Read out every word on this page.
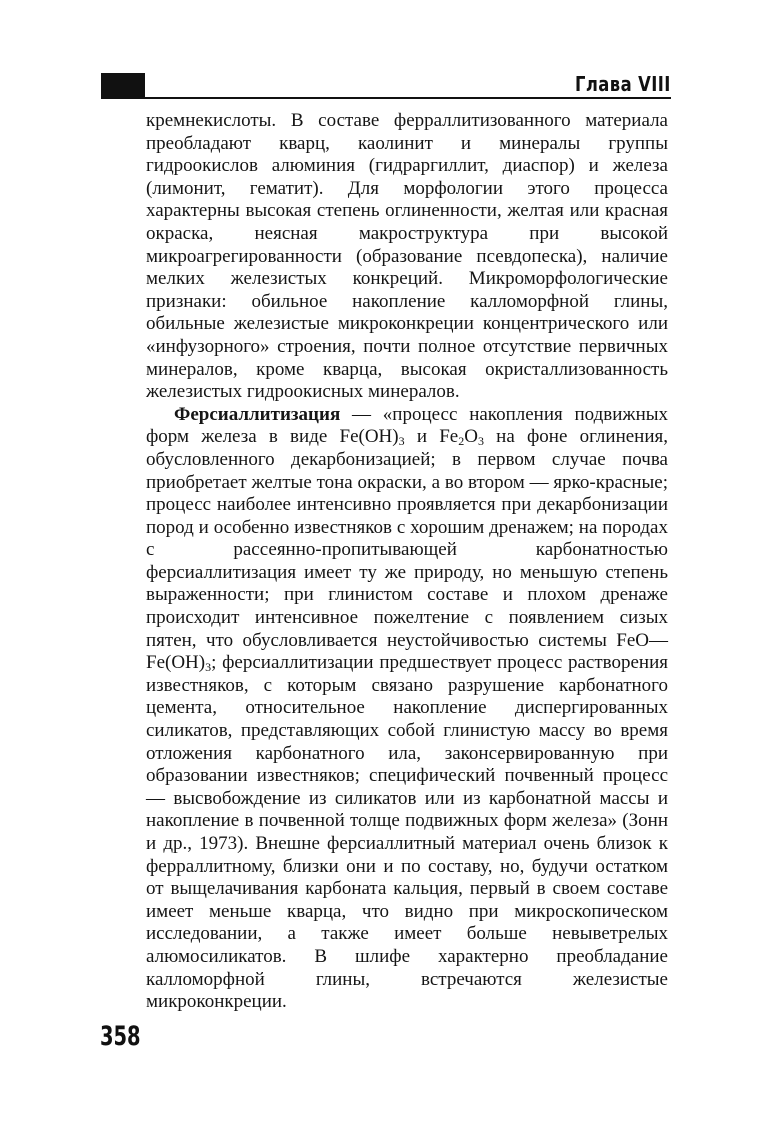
Глава VIII

кремнекислоты. В составе ферраллитизованного материала преобладают кварц, каолинит и минералы группы гидроокислов алюминия (гидраргиллит, диаспор) и железа (лимонит, гематит). Для морфологии этого процесса характерны высокая степень оглиненности, желтая или красная окраска, неясная макроструктура при высокой микроагрегированности (образование псевдопеска), наличие мелких железистых конкреций. Микроморфологические признаки: обильное накопление калломорфной глины, обильные железистые микроконкреции концентрического или «инфузорного» строения, почти полное отсутствие первичных минералов, кроме кварца, высокая окристаллизованность железистых гидроокисных минералов.

Ферсиаллитизация — «процесс накопления подвижных форм железа в виде $Fe(OH)_3$ и $Fe_2O_3$ на фоне оглинения, обусловленного декарбонизацией; в первом случае почва приобретает желтые тона окраски, а во втором — ярко-красные; процесс наиболее интенсивно проявляется при декарбонизации пород и особенно известняков с хорошим дренажем; на породах с рассеянно-пропитывающей карбонатностью ферсиаллитизация имеет ту же природу, но меньшую степень выраженности; при глинистом составе и плохом дренаже происходит интенсивное пожелтение с появлением сизых пятен, что обусловливается неустойчивостью системы $FeO—Fe(OH)_3$; ферсиаллитизации предшествует процесс растворения известняков, с которым связано разрушение карбонатного цемента, относительное накопление диспергированных силикатов, представляющих собой глинистую массу во время отложения карбонатного ила, законсервированную при образовании известняков; специфический почвенный процесс — высвобождение из силикатов или из карбонатной массы и накопление в почвенной толще подвижных форм железа» (Зонн и др., 1973). Внешне ферсиаллитный материал очень близок к ферраллитному, близки они и по составу, но, будучи остатком от выщелачивания карбоната кальция, первый в своем составе имеет меньше кварца, что видно при микроскопическом исследовании, а также имеет больше невыветрелых алюмосиликатов. В шлифе характерно преобладание калломорфной глины, встречаются железистые микроконкреции.

358
